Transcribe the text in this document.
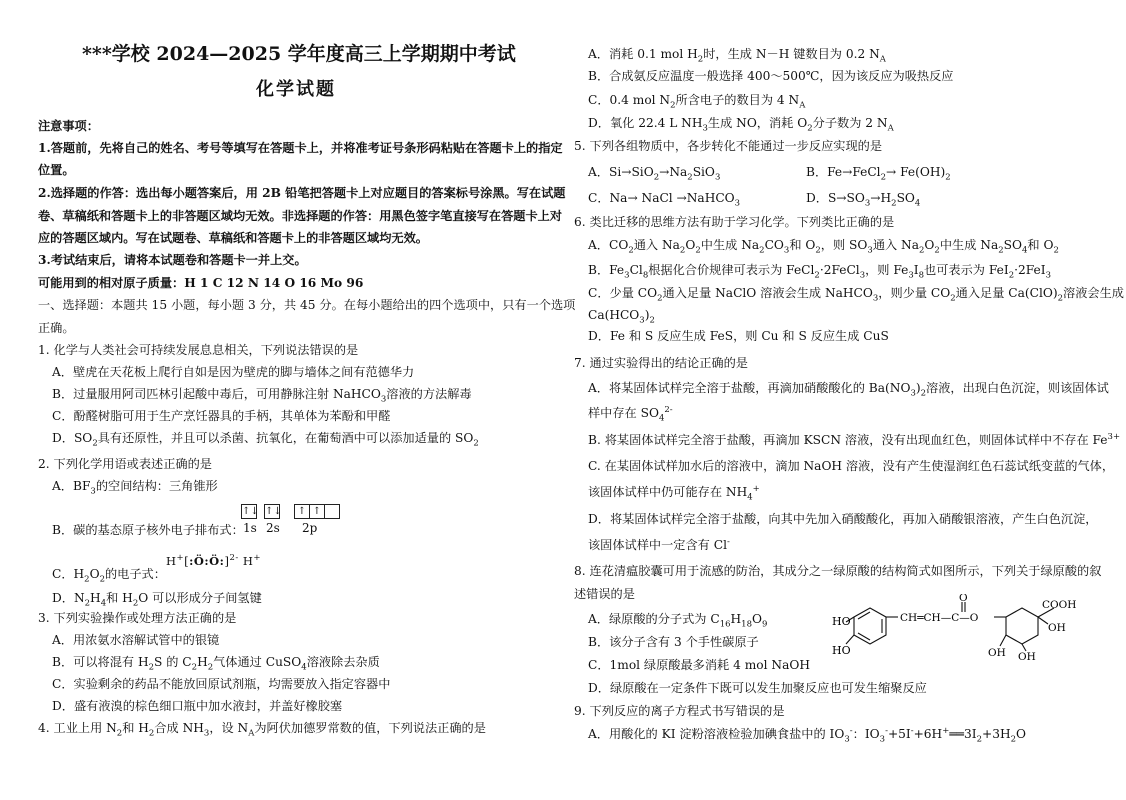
***学校 2024—2025 学年度高三上学期期中考试
化学试题
注意事项：
1.答题前，先将自己的姓名、考号等填写在答题卡上，并将准考证号条形码粘贴在答题卡上的指定
位置。
2.选择题的作答：选出每小题答案后，用 2B 铅笔把答题卡上对应题目的答案标号涂黑。写在试题
卷、草稿纸和答题卡上的非答题区域均无效。非选择题的作答：用黑色签字笔直接写在答题卡上对
应的答题区域内。写在试题卷、草稿纸和答题卡上的非答题区域均无效。
3.考试结束后，请将本试题卷和答题卡一并上交。
可能用到的相对原子质量：H 1 C 12 N 14 O 16 Mo 96
一、选择题：本题共 15 小题，每小题 3 分，共 45 分。在每小题给出的四个选项中，只有一个选项
正确。
1. 化学与人类社会可持续发展息息相关，下列说法错误的是
A．壁虎在天花板上爬行自如是因为壁虎的脚与墙体之间有范德华力
B．过量服用阿司匹林引起酸中毒后，可用静脉注射 NaHCO$_3$溶液的方法解毒
C．酚醛树脂可用于生产烹饪器具的手柄，其单体为苯酚和甲醛
D．$SO_2$具有还原性，并且可以杀菌、抗氧化，在葡萄酒中可以添加适量的 $SO_2$
2. 下列化学用语或表述正确的是
A．$BF_3$的空间结构：三角锥形
B．碳的基态原子核外电子排布式：
↑↓ ↑↓	↑ ↑
1s 2s 2p
C．$H_2O_2$的电子式：
H+[:Ö:Ö:]$^{2-}$ H+
D．$N_2H_4$和 $H_2O$ 可以形成分子间氢键
3. 下列实验操作或处理方法正确的是
A．用浓氨水溶解试管中的银镜
B．可以将混有 $H_2S$ 的 $C_2H_2$气体通过 CuSO$_4$溶液除去杂质
C．实验剩余的药品不能放回原试剂瓶，均需要放入指定容器中
D．盛有液溴的棕色细口瓶中加水液封，并盖好橡胶塞
4. 工业上用 $N_2$和 $H_2$合成 $NH_3$，设 $N_A$为阿伏加德罗常数的值，下列说法正确的是
A．消耗 0.1 mol $H_2$时，生成 N－H 键数目为 0.2 $N_A$
B．合成氨反应温度一般选择 400～500℃，因为该反应为吸热反应
C．0.4 mol $N_2$所含电子的数目为 4 $N_A$
D．氧化 22.4 L $NH_3$生成 NO，消耗 $O_2$分子数为 2 $N_A$
5. 下列各组物质中，各步转化不能通过一步反应实现的是
A．$Si\to SiO_2\to Na_2SiO_3$	B．Fe→FeCl$_2$→ $Fe(OH)_2$
C．Na→ NaCl →NaHCO$_3$	D．$S\to SO_3\to H_2SO_4$
6. 类比迁移的思维方法有助于学习化学。下列类比正确的是
A．$CO_2$通入 $Na_2O_2$中生成 $Na_2CO_3$和 $O_2$，则 $SO_3$通入 $Na_2O_2$中生成 $Na_2SO_4$和 $O_2$
B．$Fe_3Cl_8$根据化合价规律可表示为 FeCl$_2$·2FeCl$_3$，则 $Fe_3I_8$也可表示为 FeI$_2$·2FeI$_3$
C．少量 $CO_2$通入足量 NaClO 溶液会生成 NaHCO$_3$，则少量 $CO_2$通入足量 $Ca(ClO)_2$溶液会生成
$Ca(HCO_3)_2$
D．Fe 和 S 反应生成 FeS，则 Cu 和 S 反应生成 CuS
7. 通过实验得出的结论正确的是
A．将某固体试样完全溶于盐酸，再滴加硝酸酸化的 $Ba(NO_3)_2$溶液，出现白色沉淀，则该固体试
样中存在 $SO_4^{2-}$
B. 将某固体试样完全溶于盐酸，再滴加 KSCN 溶液，没有出现血红色，则固体试样中不存在 $Fe^{3+}$
C. 在某固体试样加水后的溶液中，滴加 NaOH 溶液，没有产生使湿润红色石蕊试纸变蓝的气体，
该固体试样中仍可能存在 $NH_4^+$
D．将某固体试样完全溶于盐酸，向其中先加入硝酸酸化，再加入硝酸银溶液，产生白色沉淀，
该固体试样中一定含有 Cl-
8. 连花清瘟胶囊可用于流感的防治，其成分之一绿原酸的结构简式如图所示，下列关于绿原酸的叙
述错误的是
A．绿原酸的分子式为 $C_{16}H_{18}O_9$
B．该分子含有 3 个手性碳原子
C．1mol 绿原酸最多消耗 4 mol NaOH
D．绿原酸在一定条件下既可以发生加聚反应也可发生缩聚反应
HO
HO
CH═CH—C—O
O
COOH
OH
OH OH
9. 下列反应的离子方程式书写错误的是
A．用酸化的 KI 淀粉溶液检验加碘食盐中的 $IO_3^-$：$IO_3^-+5I^-+6H^+══3I_2+3H_2O$
